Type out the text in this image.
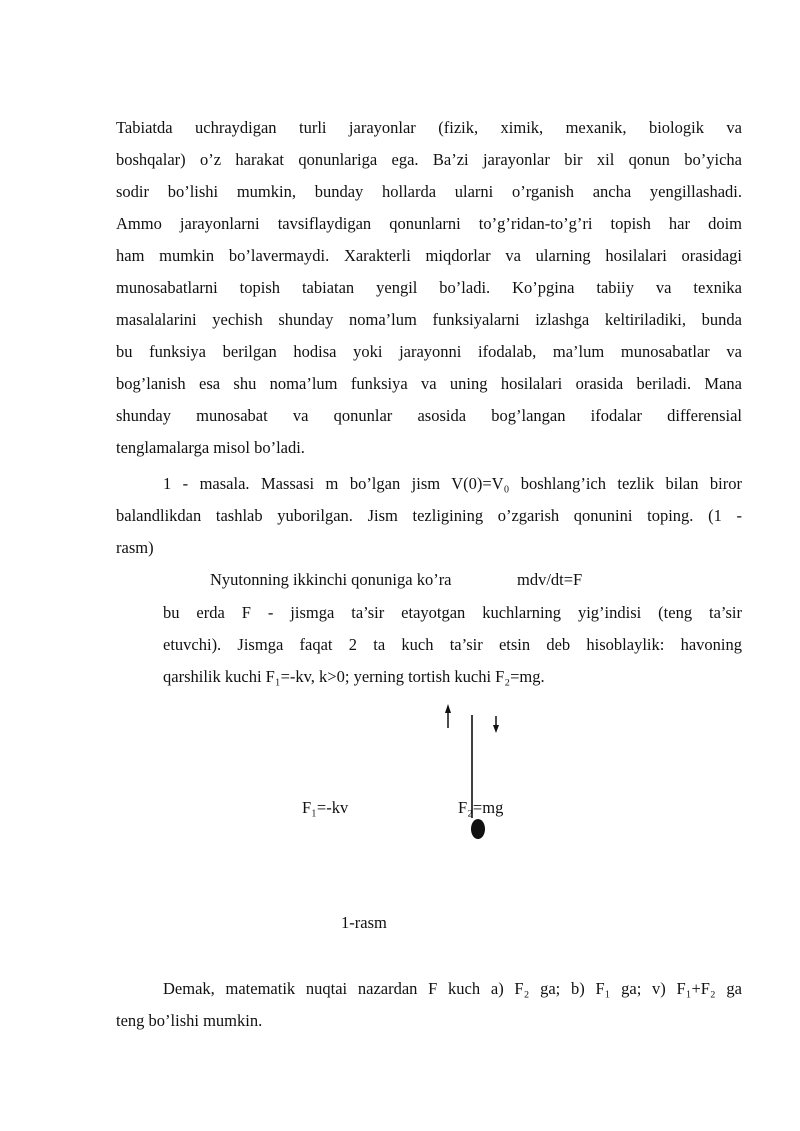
Tabiatda uchraydigan turli jarayonlar (fizik, ximik, mexanik, biologik va
boshqalar) o’z harakat qonunlariga ega. Ba’zi jarayonlar bir xil qonun bo’yicha
sodir bo’lishi mumkin, bunday hollarda ularni o’rganish ancha yengillashadi.
Ammo jarayonlarni tavsiflaydigan qonunlarni to’g’ridan-to’g’ri topish har doim
ham mumkin bo’lavermaydi. Xarakterli miqdorlar va ularning hosilalari orasidagi
munosabatlarni topish tabiatan yengil bo’ladi. Ko’pgina tabiiy va texnika
masalalarini yechish shunday noma’lum funksiyalarni izlashga keltiriladiki, bunda
bu funksiya berilgan hodisa yoki jarayonni ifodalab, ma’lum munosabatlar va
bog’lanish esa shu noma’lum funksiya va uning hosilalari orasida beriladi. Mana
shunday munosabat va qonunlar asosida bog’langan ifodalar differensial
tenglamalarga misol bo’ladi.
1 - masala. Massasi m bo’lgan jism V(0)=V₀ boshlang’ich tezlik bilan biror
balandlikdan tashlab yuborilgan. Jism tezligining o’zgarish qonunini toping. (1 -
rasm)
Nyutonning ikkinchi qonuniga ko’ra	mdv/dt=F
bu erda F - jismga ta’sir etayotgan kuchlarning yig’indisi (teng ta’sir
etuvchi). Jismga faqat 2 ta kuch ta’sir etsin deb hisoblaylik: havoning
qarshilik kuchi F₁=-kv, k>0; yerning tortish kuchi F₂=mg.
F₁=-kv	F₂=mg
1-rasm
Demak, matematik nuqtai nazardan F kuch a) F₂ ga; b) F₁ ga; v) F₁+F₂ ga
teng bo’lishi mumkin.
